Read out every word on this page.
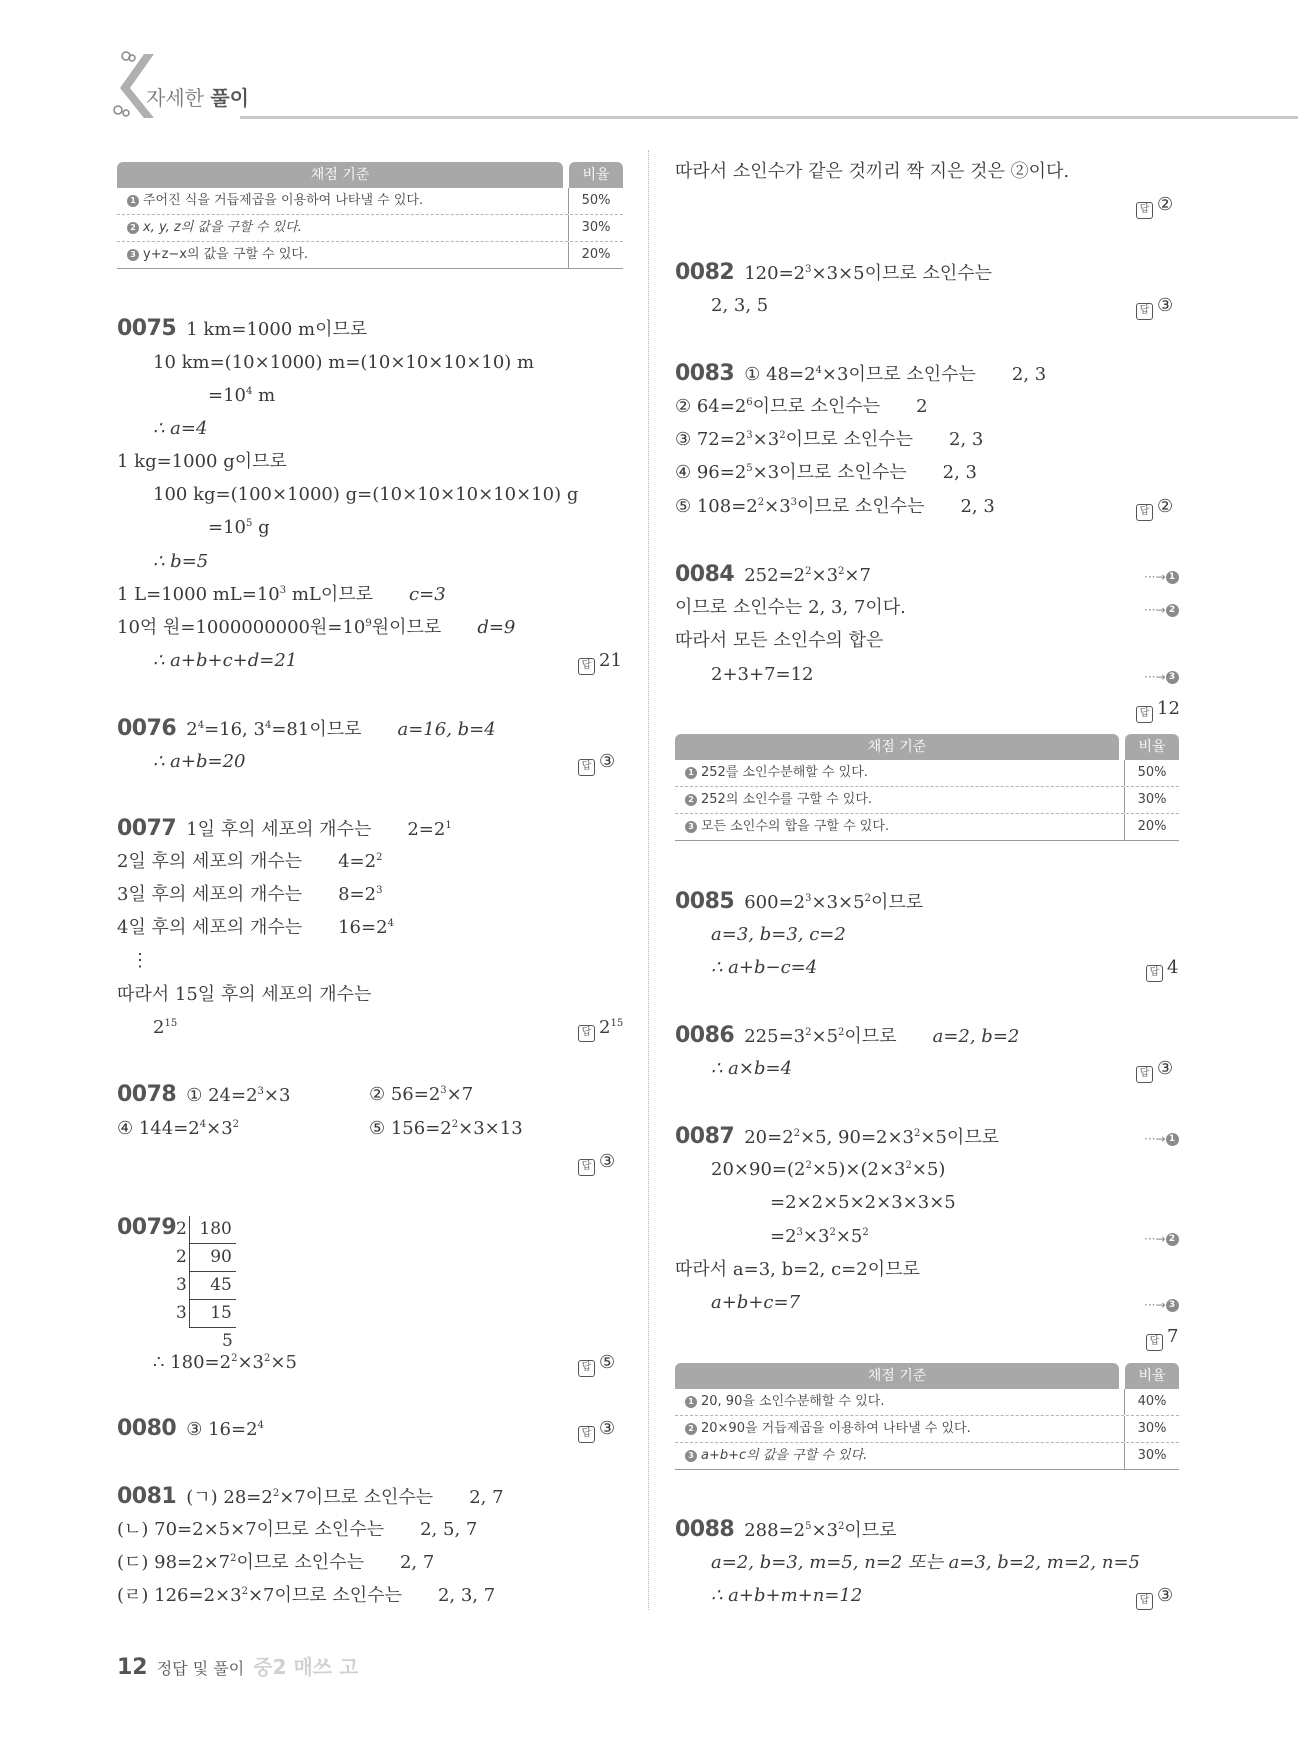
자세한 풀이
채점 기준	비율
1 주어진 식을 거듭제곱을 이용하여 나타낼 수 있다.	50%
2 x, y, z의 값을 구할 수 있다.	30%
3 y+z−x의 값을 구할 수 있다.	20%
0075 1 km=1000 m이므로
10 km=(10×1000) m=(10×10×10×10) m
$=10^4$ m
∴ a=4
1 kg=1000 g이므로
100 kg=(100×1000) g=(10×10×10×10×10) g
$=10^5$ g
∴ b=5
1 L=1000 $mL=10^3$ mL이므로 c=3
10억 원=1000000000원$=10^9$원이므로 d=9
∴ a+b+c+d=21	답 21
0076 $2^4=16$, $3^4=81$이므로 a=16, b=4
∴ a+b=20	답 ③
0077 1일 후의 세포의 개수는 $2=2^1$
2일 후의 세포의 개수는 $4=2^2$
3일 후의 세포의 개수는 $8=2^3$
4일 후의 세포의 개수는 $16=2^4$
⋮
따라서 15일 후의 세포의 개수는
$2^{15}$
답 $2^{15}$
0078 ① $24=2^3\times 3$	② $56=2^3\times 7$
④ $144=2^4\times 3^2$	⑤ $156=2^2\times 3\times 13$
답 ③
0079 2 180
2 90
3 45
3 15
5
∴ $180=2^2\times 3^2\times 5$	답 ⑤
0080 ③ $16=2^4$
답 ③
0081 (ㄱ) $28=2^2\times 7$이므로 소인수는 2, 7
(ㄴ) 70=2×5×7이므로 소인수는 2, 5, 7
(ㄷ) $98=2\times 7^2$이므로 소인수는 2, 7
(ㄹ) $126=2\times 3^2\times 7$이므로 소인수는 2, 3, 7
따라서 소인수가 같은 것끼리 짝 지은 것은 ②이다.
답 ②
0082 $120=2^3\times 3\times 5$이므로 소인수는
2, 3, 5	답 ③
0083 ① $48=2^4\times 3$이므로 소인수는 2, 3
② $64=2^6$이므로 소인수는 2
③ $72=2^3\times 3^2$이므로 소인수는 2, 3
④ $96=2^5\times 3$이므로 소인수는 2, 3
⑤ $108=2^2\times 3^3$이므로 소인수는 2, 3	답 ②
0084 $252=2^2\times 3^2\times 7$	···→ 1
이므로 소인수는 2, 3, 7이다.	···→ 2
따라서 모든 소인수의 합은
2+3+7=12	···→ 3
답 12
채점 기준	비율
1 252를 소인수분해할 수 있다.	50%
2 252의 소인수를 구할 수 있다.	30%
3 모든 소인수의 합을 구할 수 있다.	20%
0085 $600=2^3\times 3\times 5^2$이므로
a=3, b=3, c=2
∴ a+b−c=4	답 4
0086 $225=3^2\times 5^2$이므로 a=2, b=2
∴ a×b=4	답 ③
0087 $20=2^2\times 5$, $90=2\times 3^2\times 5$이므로	···→ 1
$20\times 90=(2^2\times 5)\times(2\times 3^2\times 5)$
=2×2×5×2×3×3×5
$=2^3\times 3^2\times 5^2$	···→ 2
따라서 a=3, b=2, c=2이므로
a+b+c=7	···→ 3
답 7
채점 기준	비율
1 20, 90을 소인수분해할 수 있다.	40%
2 20×90을 거듭제곱을 이용하여 나타낼 수 있다.	30%
3 a+b+c의 값을 구할 수 있다.	30%
0088 $288=2^5\times 3^2$이므로
a=2, b=3, m=5, n=2 또는 a=3, b=2, m=2, n=5
∴ a+b+m+n=12	답 ③
12 정답 및 풀이 중2 매쓰 고
